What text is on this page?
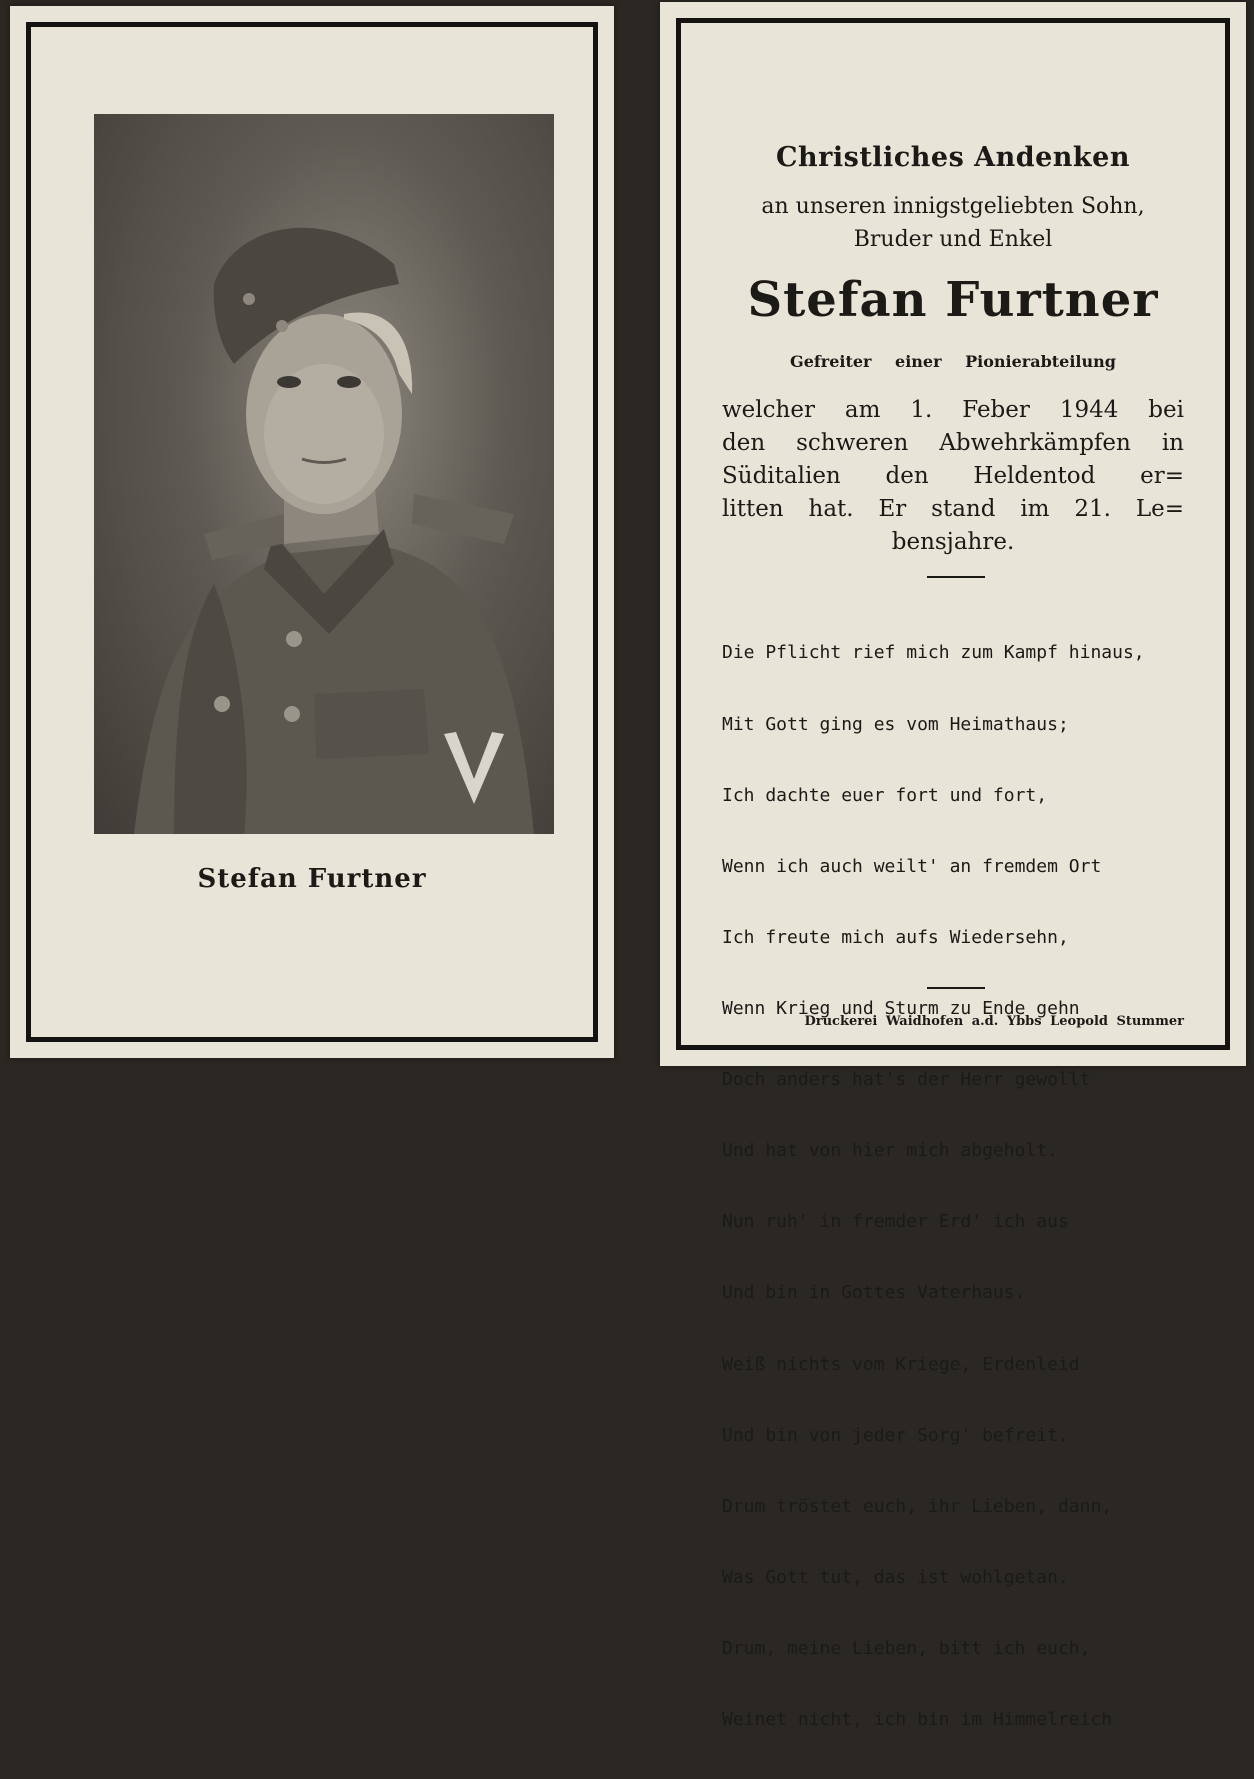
Stefan Furtner
Christliches Andenken
an unseren innigstgeliebten Sohn,
Bruder und Enkel
Stefan Furtner
Gefreiter einer Pionierabteilung
welcher am 1. Feber 1944 bei
den schweren Abwehrkämpfen in
Süditalien den Heldentod er=
litten hat. Er stand im 21. Le=
bensjahre.

Die Pflicht rief mich zum Kampf hinaus,

Mit Gott ging es vom Heimathaus;

Ich dachte euer fort und fort,

Wenn ich auch weilt' an fremdem Ort

Ich freute mich aufs Wiedersehn,

Wenn Krieg und Sturm zu Ende gehn

Doch anders hat's der Herr gewollt

Und hat von hier mich abgeholt.

Nun ruh' in fremder Erd' ich aus

Und bin in Gottes Vaterhaus.

Weiß nichts vom Kriege, Erdenleid

Und bin von jeder Sorg' befreit.

Drum tröstet euch, ihr Lieben, dann,

Was Gott tut, das ist wohlgetan.

Drum, meine Lieben, bitt ich euch,

Weinet nicht, ich bin im Himmelreich

Druckerei Waidhofen a.d. Ybbs Leopold Stummer
